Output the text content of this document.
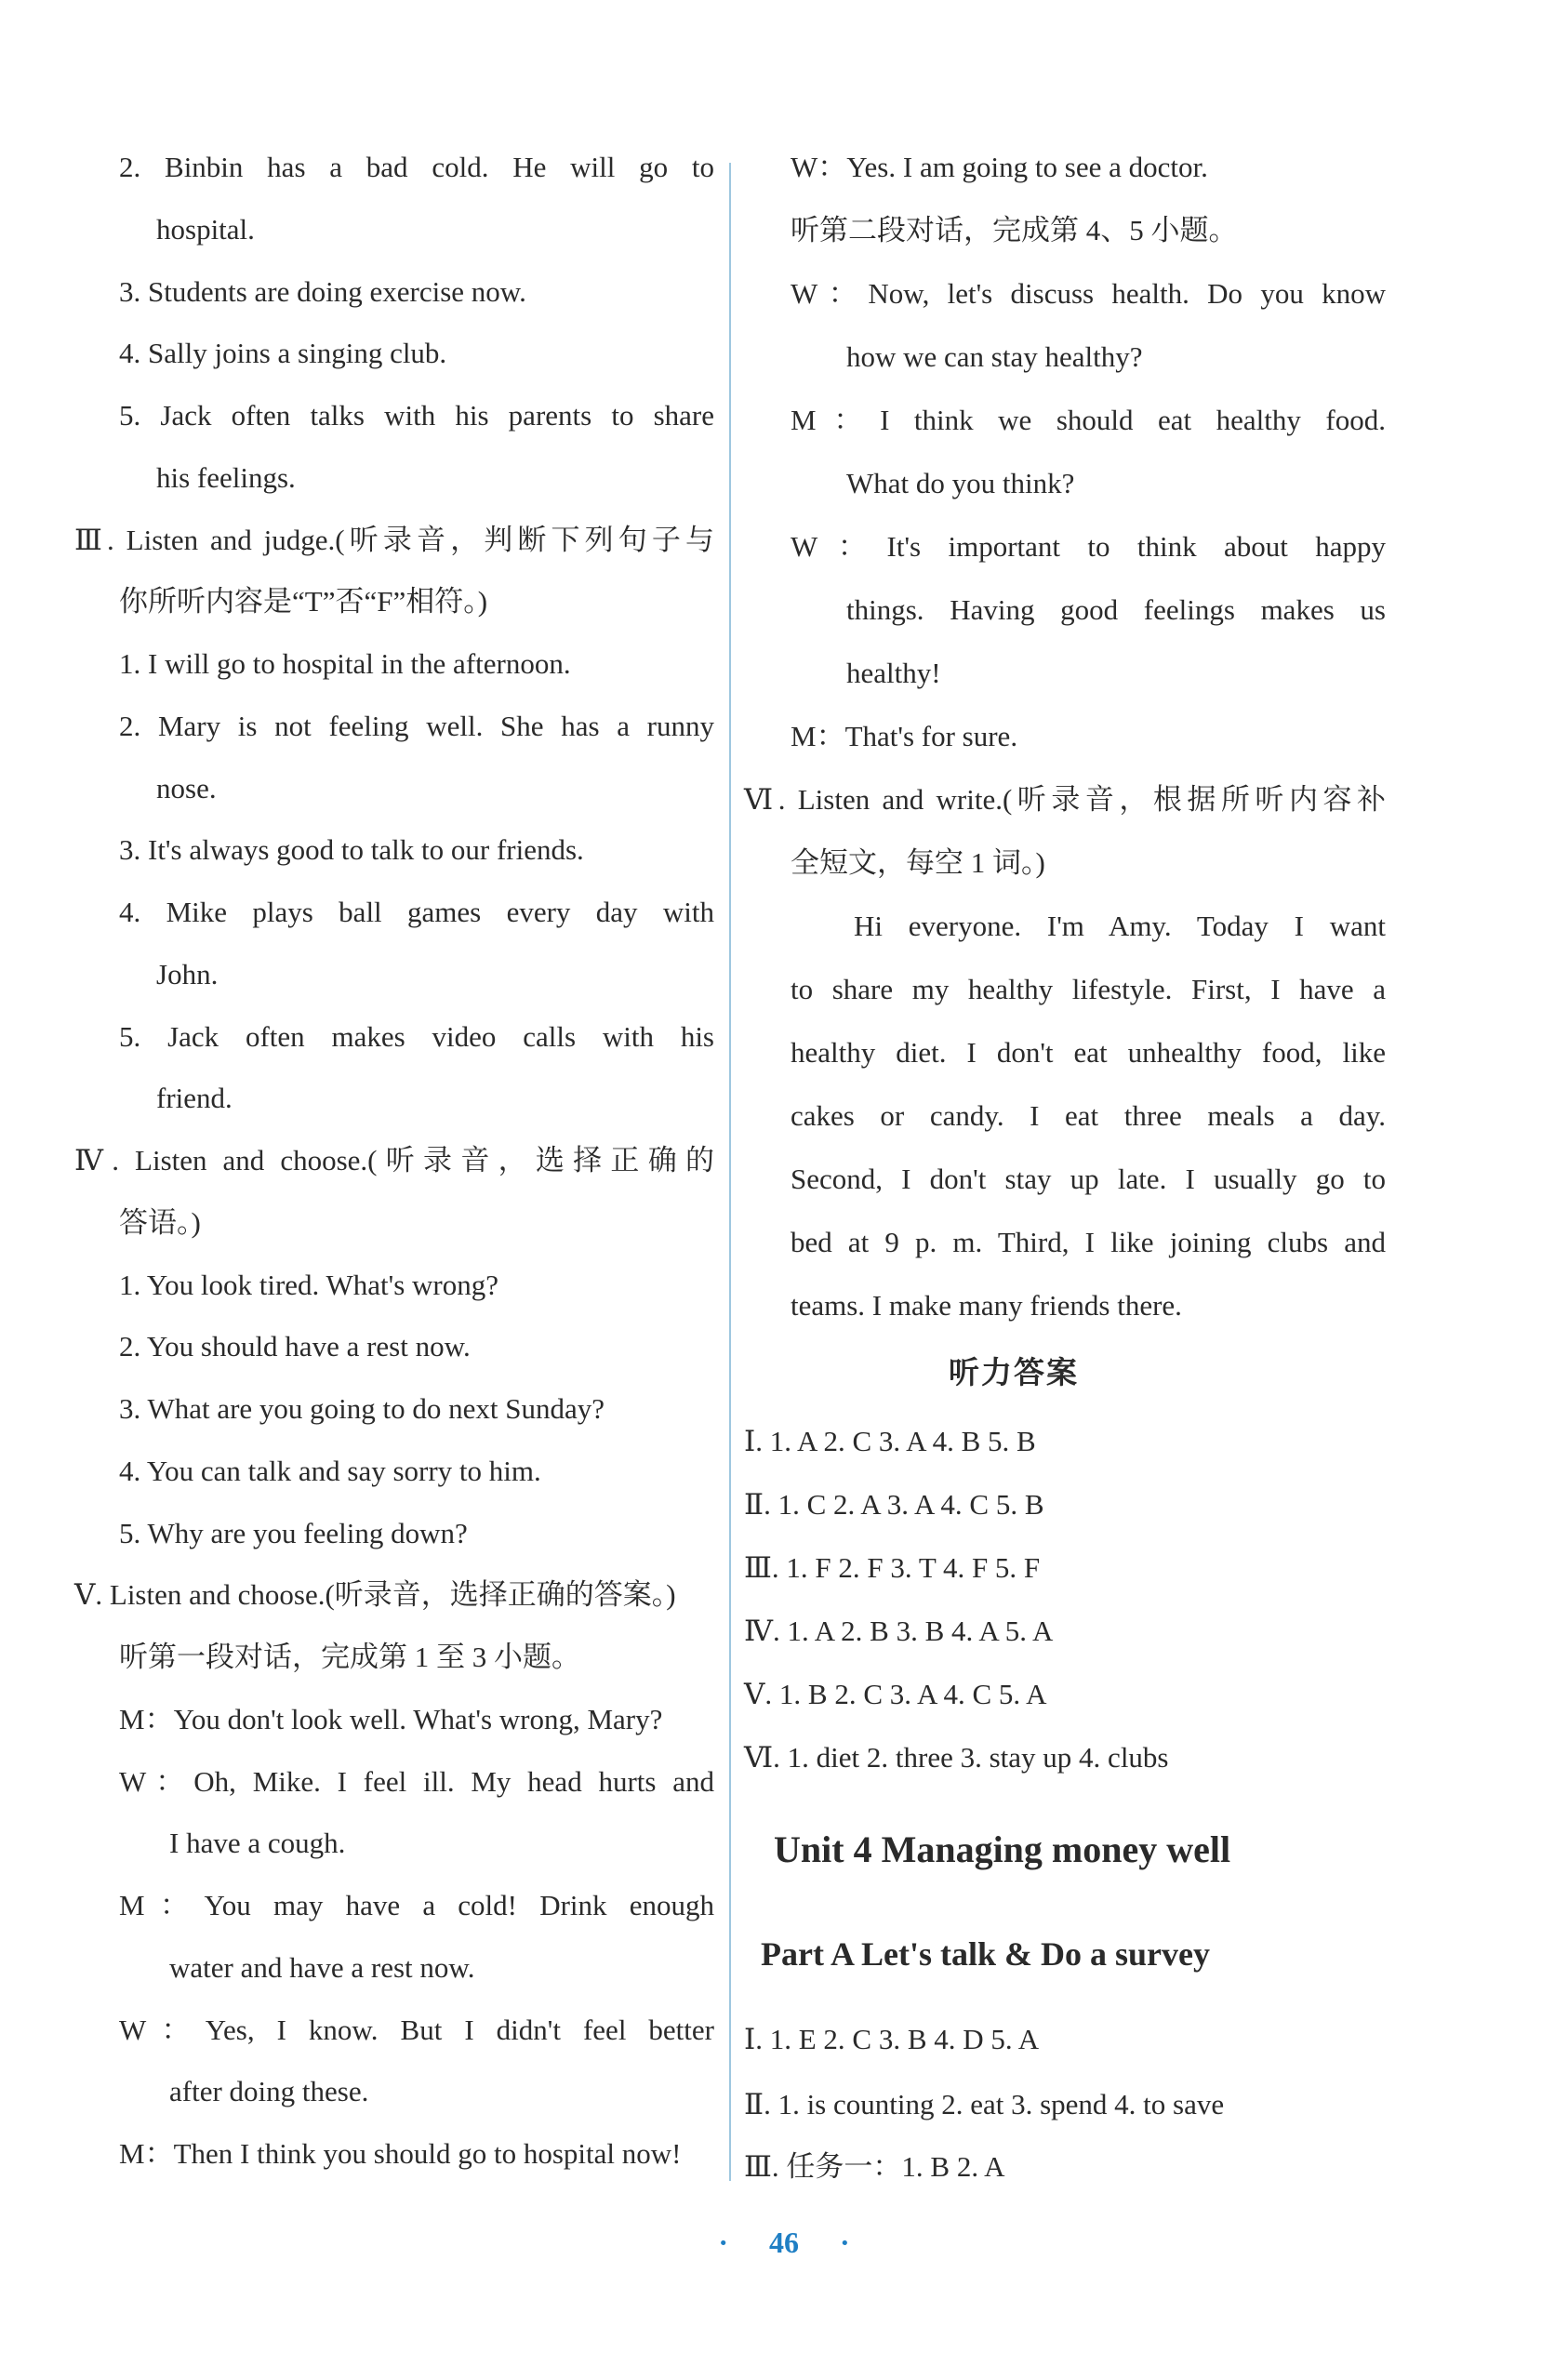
2. Binbin has a bad cold. He will go to
hospital.
3. Students are doing exercise now.
4. Sally joins a singing club.
5. Jack often talks with his parents to share
his feelings.
Ⅲ. Listen and judge.(听录音，判断下列句子与
你所听内容是“T”否“F”相符。)
1. I will go to hospital in the afternoon.
2. Mary is not feeling well. She has a runny
nose.
3. It's always good to talk to our friends.
4. Mike plays ball games every day with
John.
5. Jack often makes video calls with his
friend.
Ⅳ. Listen and choose.(听录音，选择正确的
答语。)
1. You look tired. What's wrong?
2. You should have a rest now.
3. What are you going to do next Sunday?
4. You can talk and say sorry to him.
5. Why are you feeling down?
Ⅴ. Listen and choose.(听录音，选择正确的答案。)
听第一段对话，完成第 1 至 3 小题。
M：You don't look well. What's wrong, Mary?
W：Oh, Mike. I feel ill. My head hurts and
I have a cough.
M：You may have a cold! Drink enough
water and have a rest now.
W：Yes, I know. But I didn't feel better
after doing these.
M：Then I think you should go to hospital now!
听力答案
Ⅰ. 1. A 2. C 3. A 4. B 5. B
Ⅱ. 1. C 2. A 3. A 4. C 5. B
Ⅲ. 1. F 2. F 3. T 4. F 5. F
Ⅳ. 1. A 2. B 3. B 4. A 5. A
Ⅴ. 1. B 2. C 3. A 4. C 5. A
Ⅵ. 1. diet 2. three 3. stay up 4. clubs
Unit 4 Managing money well
Part A Let's talk & Do a survey
Ⅰ. 1. E 2. C 3. B 4. D 5. A
Ⅱ. 1. is counting 2. eat 3. spend 4. to save
Ⅲ. 任务一：1. B 2. A
W：Yes. I am going to see a doctor.
听第二段对话，完成第 4、5 小题。
W：Now, let's discuss health. Do you know
how we can stay healthy?
M：I think we should eat healthy food.
What do you think?
W：It's important to think about happy
things. Having good feelings makes us
healthy!
M：That's for sure.
Ⅵ. Listen and write.(听录音，根据所听内容补
全短文，每空 1 词。)
Hi everyone. I'm Amy. Today I want
to share my healthy lifestyle. First, I have a
healthy diet. I don't eat unhealthy food, like
cakes or candy. I eat three meals a day.
Second, I don't stay up late. I usually go to
bed at 9 p. m. Third, I like joining clubs and
teams. I make many friends there.
· 46 ·
